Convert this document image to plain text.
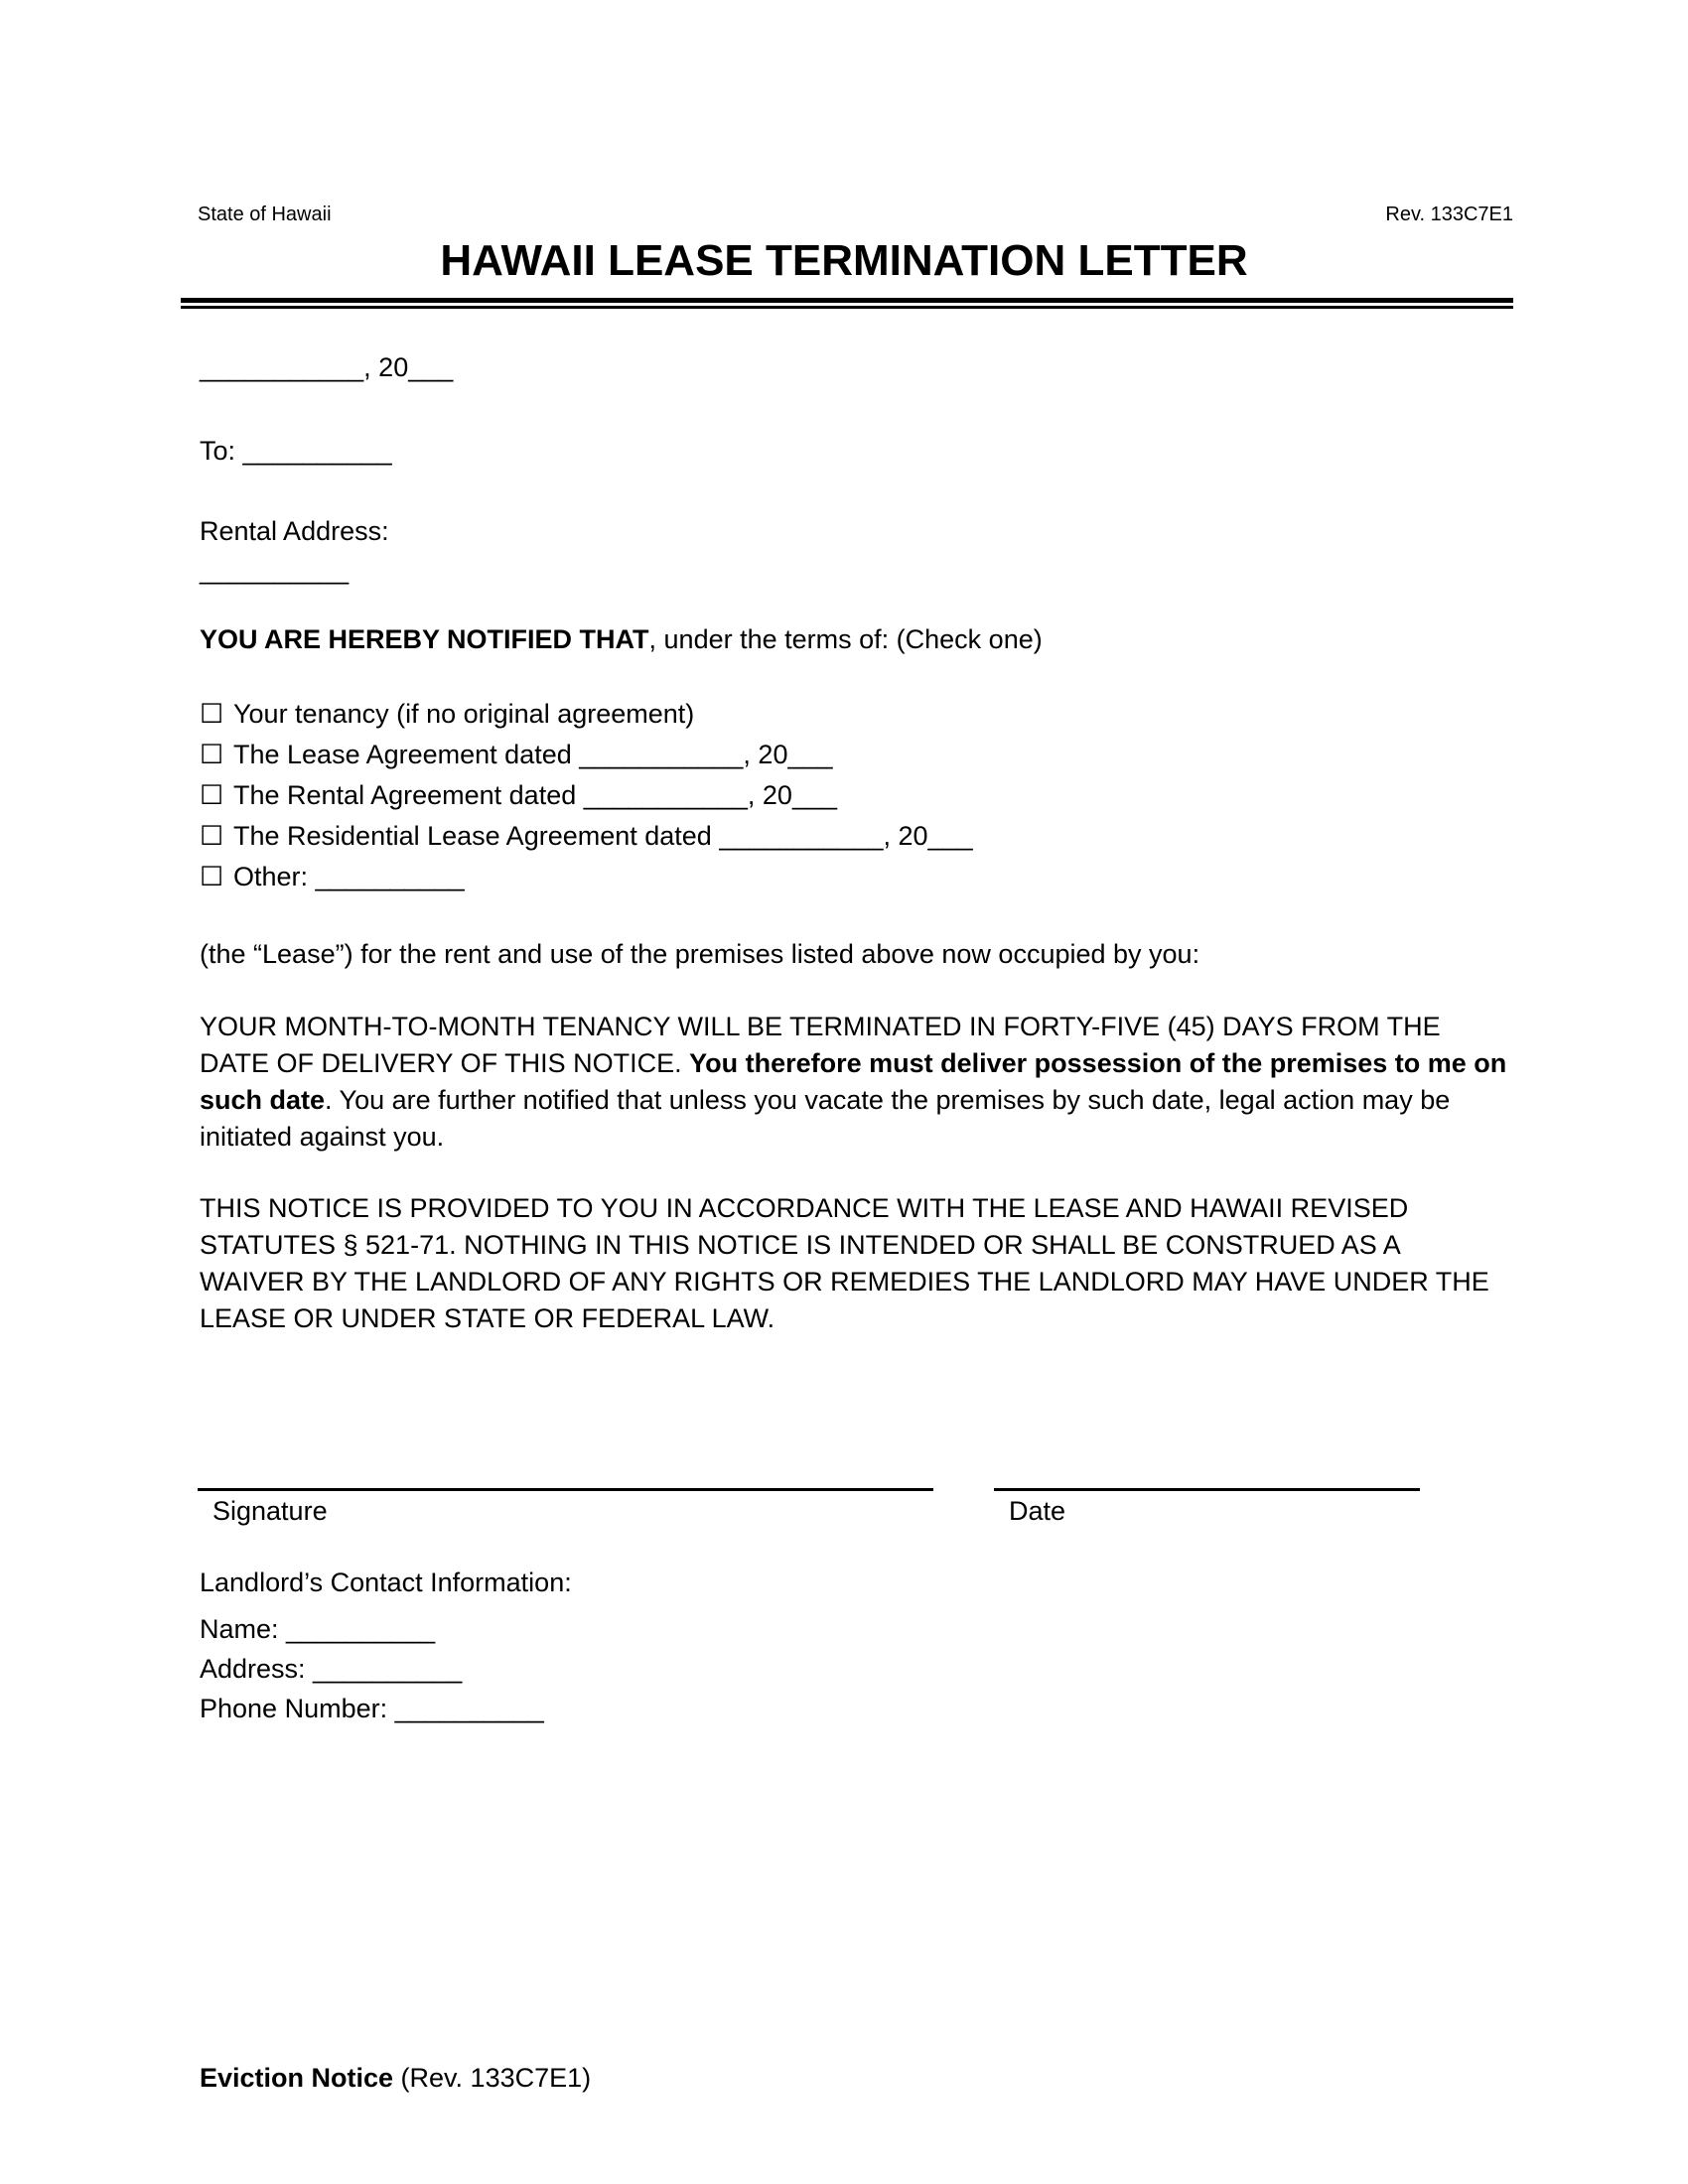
State of Hawaii	Rev. 133C7E1
HAWAII LEASE TERMINATION LETTER
___________, 20___
To: __________
Rental Address:
__________
YOU ARE HEREBY NOTIFIED THAT, under the terms of: (Check one)
☐ Your tenancy (if no original agreement)
☐ The Lease Agreement dated ___________, 20___
☐ The Rental Agreement dated ___________, 20___
☐ The Residential Lease Agreement dated ___________, 20___
☐ Other: __________
(the “Lease”) for the rent and use of the premises listed above now occupied by you:
YOUR MONTH-TO-MONTH TENANCY WILL BE TERMINATED IN FORTY-FIVE (45) DAYS FROM THE DATE OF DELIVERY OF THIS NOTICE. You therefore must deliver possession of the premises to me on such date. You are further notified that unless you vacate the premises by such date, legal action may be initiated against you.
THIS NOTICE IS PROVIDED TO YOU IN ACCORDANCE WITH THE LEASE AND HAWAII REVISED STATUTES § 521-71. NOTHING IN THIS NOTICE IS INTENDED OR SHALL BE CONSTRUED AS A WAIVER BY THE LANDLORD OF ANY RIGHTS OR REMEDIES THE LANDLORD MAY HAVE UNDER THE LEASE OR UNDER STATE OR FEDERAL LAW.
Signature	Date
Landlord’s Contact Information:
Name: __________
Address: __________
Phone Number: __________
Eviction Notice (Rev. 133C7E1)
